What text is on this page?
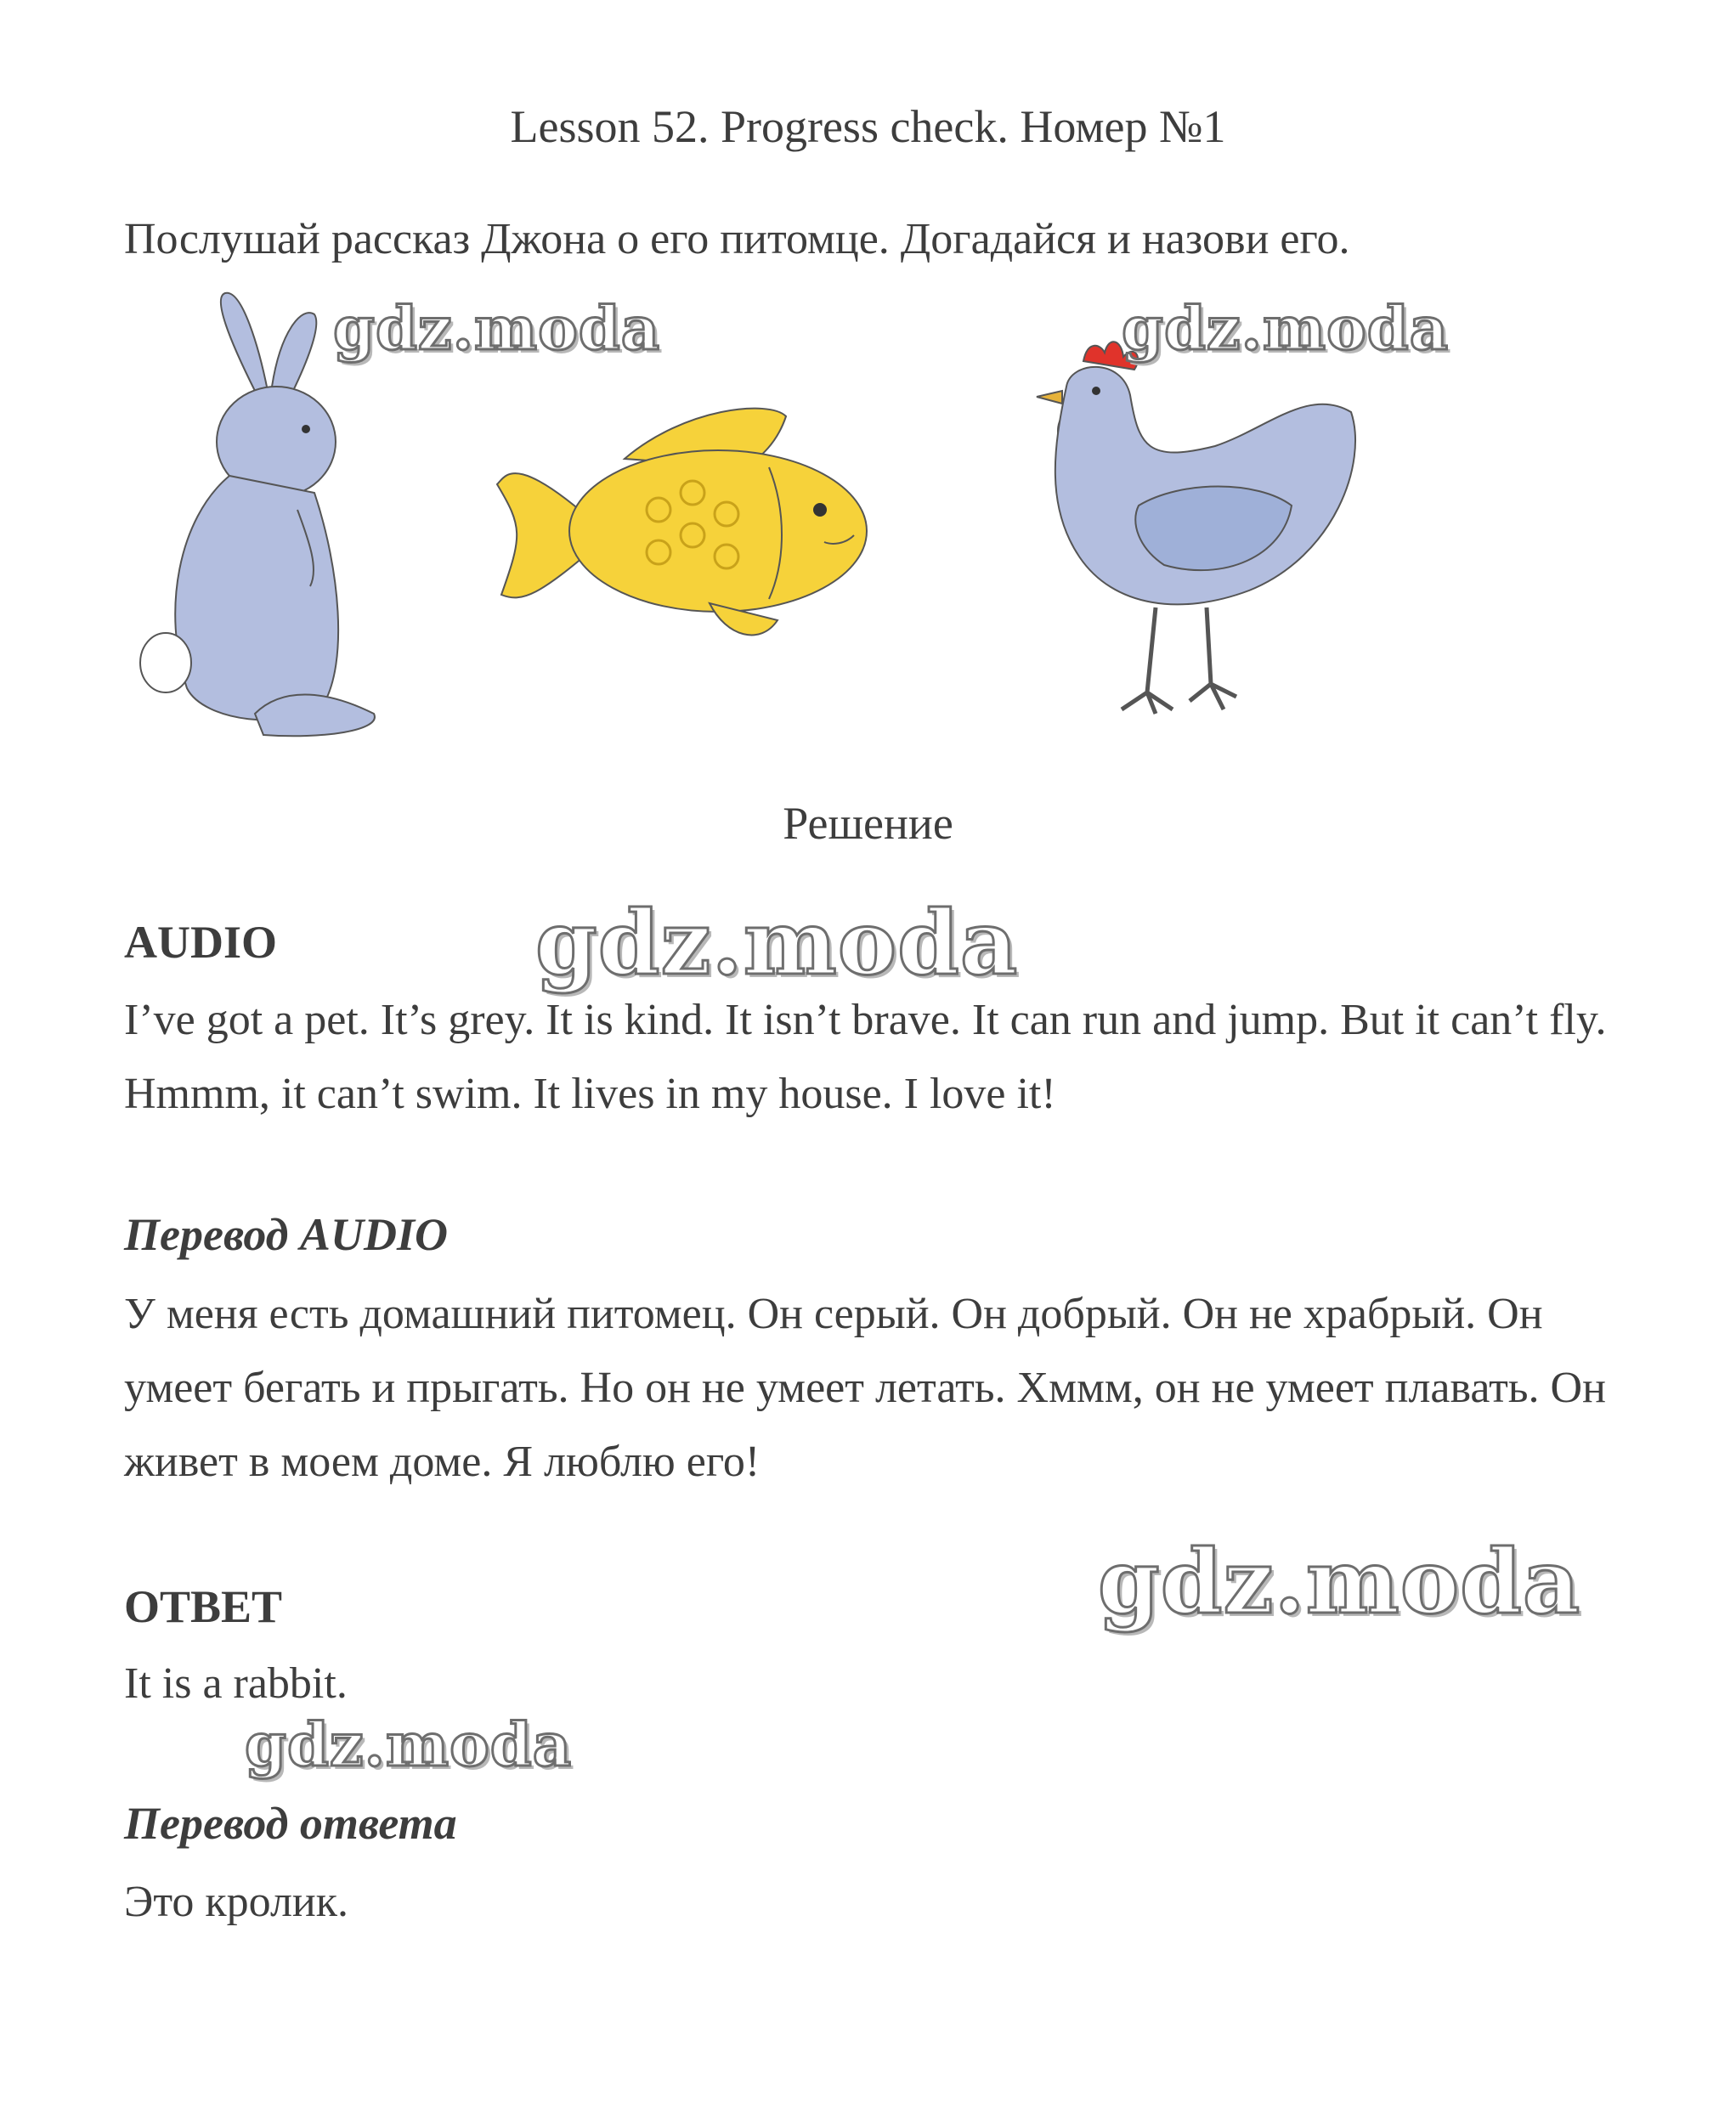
Lesson 52. Progress check. Номер №1
Послушай рассказ Джона о его питомце. Догадайся и назови его.
gdz.moda	gdz.moda
Решение
AUDIO	gdz.moda
I’ve got a pet. It’s grey. It is kind. It isn’t brave. It can run and jump. But it can’t fly. Hmmm, it can’t swim. It lives in my house. I love it!
Перевод AUDIO
У меня есть домашний питомец. Он серый. Он добрый. Он не храбрый. Он умеет бегать и прыгать. Но он не умеет летать. Хммм, он не умеет плавать. Он живет в моем доме. Я люблю его!
gdz.moda
ОТВЕТ
It is a rabbit.
gdz.moda
Перевод ответа
Это кролик.
